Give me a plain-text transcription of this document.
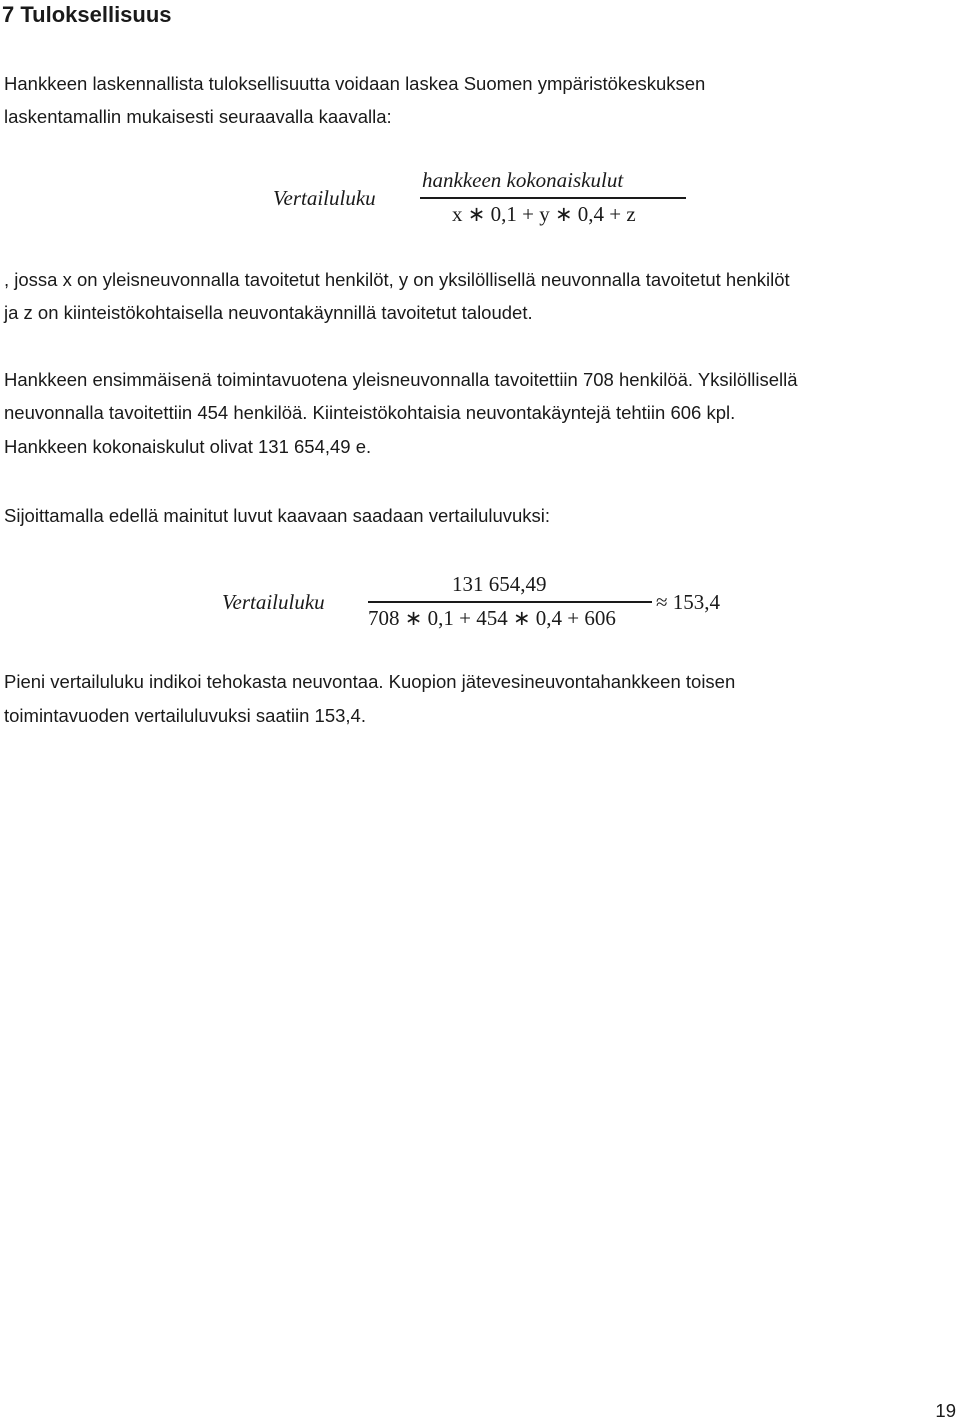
7 Tuloksellisuus
Hankkeen laskennallista tuloksellisuutta voidaan laskea Suomen ympäristökeskuksen
laskentamallin mukaisesti seuraavalla kaavalla:
Vertailuluku
hankkeen kokonaiskulut
x ∗ 0,1 + y ∗ 0,4 + z
, jossa x on yleisneuvonnalla tavoitetut henkilöt, y on yksilöllisellä neuvonnalla tavoitetut henkilöt
ja z on kiinteistökohtaisella neuvontakäynnillä tavoitetut taloudet.
Hankkeen ensimmäisenä toimintavuotena yleisneuvonnalla tavoitettiin 708 henkilöä. Yksilöllisellä
neuvonnalla tavoitettiin 454 henkilöä. Kiinteistökohtaisia neuvontakäyntejä tehtiin 606 kpl.
Hankkeen kokonaiskulut olivat 131 654,49 e.
Sijoittamalla edellä mainitut luvut kaavaan saadaan vertailuluvuksi:
Vertailuluku
131 654,49
708 ∗ 0,1 + 454 ∗ 0,4 + 606
≈ 153,4
Pieni vertailuluku indikoi tehokasta neuvontaa. Kuopion jätevesineuvontahankkeen toisen
toimintavuoden vertailuluvuksi saatiin 153,4.
19
